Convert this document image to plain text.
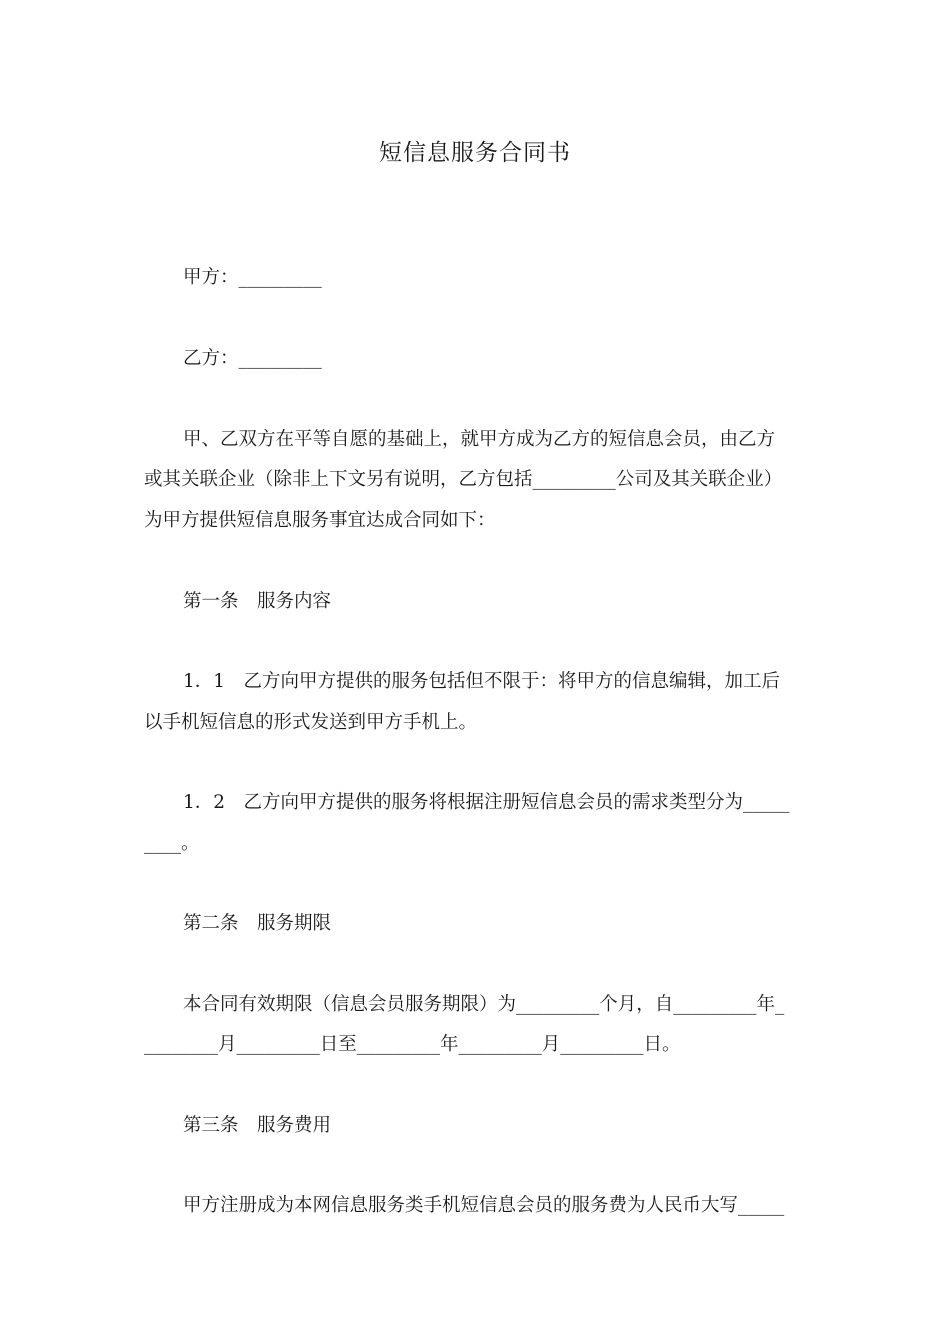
短信息服务合同书
甲方：_________
乙方：_________
甲、乙双方在平等自愿的基础上，就甲方成为乙方的短信息会员，由乙方
或其关联企业（除非上下文另有说明，乙方包括_________公司及其关联企业）
为甲方提供短信息服务事宜达成合同如下：
第一条　服务内容
1．1　乙方向甲方提供的服务包括但不限于：将甲方的信息编辑，加工后
以手机短信息的形式发送到甲方手机上。
1．2　乙方向甲方提供的服务将根据注册短信息会员的需求类型分为_____
____。
第二条　服务期限
本合同有效期限（信息会员服务期限）为_________个月，自_________年_
________月_________日至_________年_________月_________日。
第三条　服务费用
甲方注册成为本网信息服务类手机短信息会员的服务费为人民币大写_____
